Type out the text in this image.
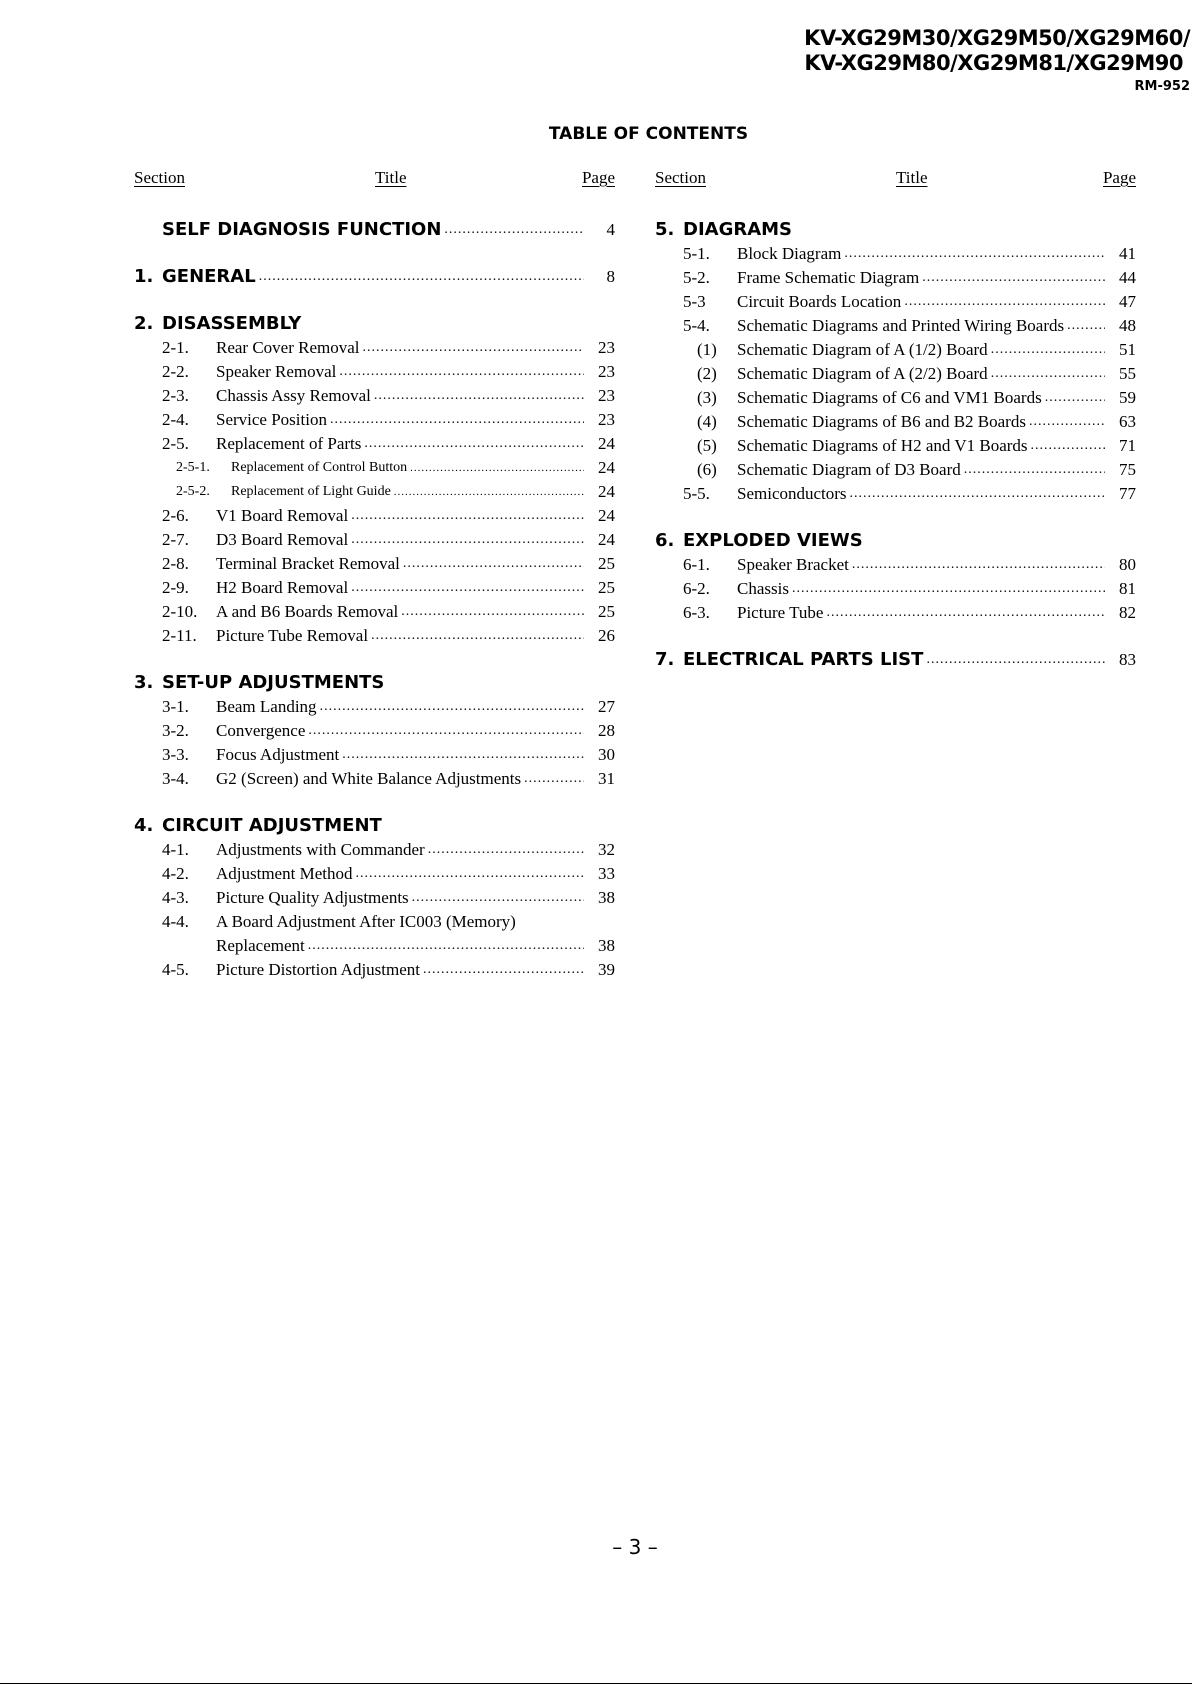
KV-XG29M30/XG29M50/XG29M60/
KV-XG29M80/XG29M81/XG29M90
RM-952
TABLE OF CONTENTS
Section	Title	Page
SELF DIAGNOSIS FUNCTION .....	4
1. GENERAL .....	8
2. DISASSEMBLY
2-1. Rear Cover Removal .....	23
2-2. Speaker Removal .....	23
2-3. Chassis Assy Removal .....	23
2-4. Service Position .....	23
2-5. Replacement of Parts .....	24
2-5-1. Replacement of Control Button .....	24
2-5-2. Replacement of Light Guide .....	24
2-6. V1 Board Removal .....	24
2-7. D3 Board Removal .....	24
2-8. Terminal Bracket Removal .....	25
2-9. H2 Board Removal .....	25
2-10. A and B6 Boards Removal .....	25
2-11. Picture Tube Removal .....	26
3. SET-UP ADJUSTMENTS
3-1. Beam Landing .....	27
3-2. Convergence .....	28
3-3. Focus Adjustment .....	30
3-4. G2 (Screen) and White Balance Adjustments .....	31
4. CIRCUIT ADJUSTMENT
4-1. Adjustments with Commander .....	32
4-2. Adjustment Method .....	33
4-3. Picture Quality Adjustments .....	38
4-4. A Board Adjustment After IC003 (Memory)
Replacement .....	38
4-5. Picture Distortion Adjustment .....	39
Section	Title	Page
5. DIAGRAMS
5-1. Block Diagram .....	41
5-2. Frame Schematic Diagram .....	44
5-3 Circuit Boards Location .....	47
5-4. Schematic Diagrams and Printed Wiring Boards .....	48
(1) Schematic Diagram of A (1/2) Board .....	51
(2) Schematic Diagram of A (2/2) Board .....	55
(3) Schematic Diagrams of C6 and VM1 Boards .....	59
(4) Schematic Diagrams of B6 and B2 Boards .....	63
(5) Schematic Diagrams of H2 and V1 Boards .....	71
(6) Schematic Diagram of D3 Board .....	75
5-5. Semiconductors .....	77
6. EXPLODED VIEWS
6-1. Speaker Bracket .....	80
6-2. Chassis .....	81
6-3. Picture Tube .....	82
7. ELECTRICAL PARTS LIST .....	83
– 3 –
